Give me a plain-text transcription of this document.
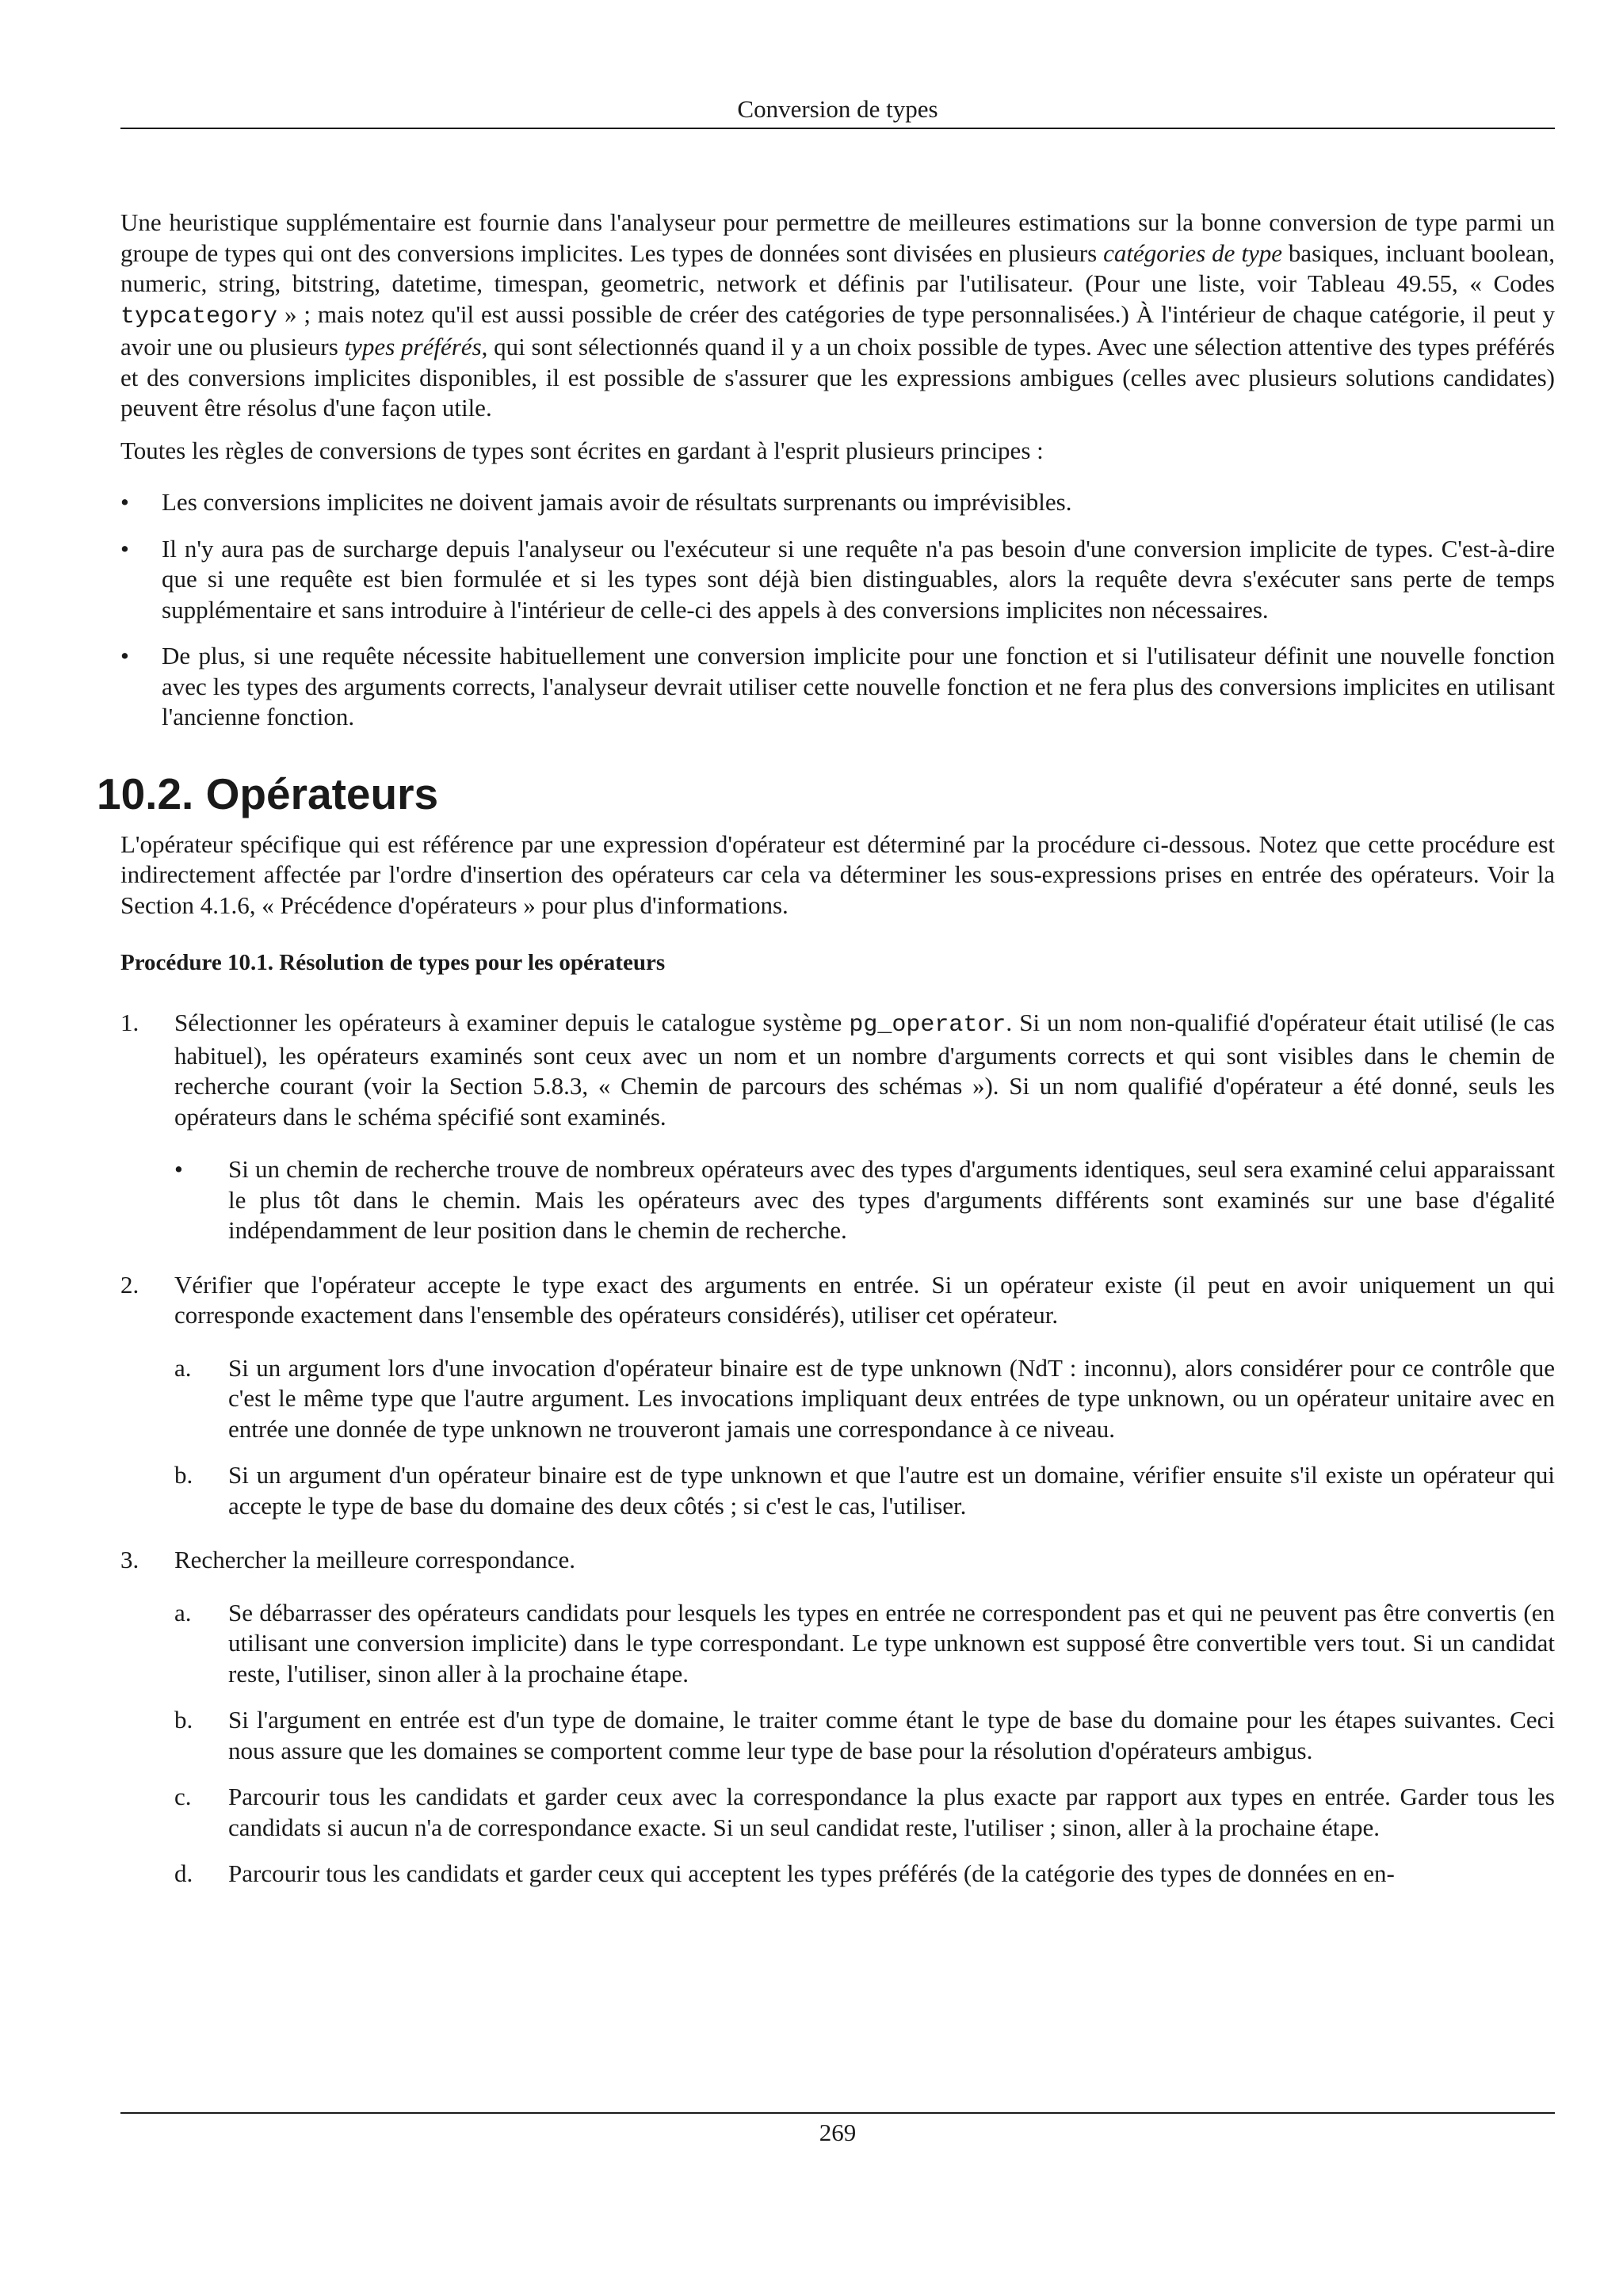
Conversion de types

Une heuristique supplémentaire est fournie dans l'analyseur pour permettre de meilleures estimations sur la bonne conversion de type parmi un groupe de types qui ont des conversions implicites. Les types de données sont divisées en plusieurs catégories de type basiques, incluant boolean, numeric, string, bitstring, datetime, timespan, geometric, network et définis par l'utilisateur. (Pour une liste, voir Tableau 49.55, « Codes typcategory » ; mais notez qu'il est aussi possible de créer des catégories de type personnalisées.) À l'intérieur de chaque catégorie, il peut y avoir une ou plusieurs types préférés, qui sont sélectionnés quand il y a un choix possible de types. Avec une sélection attentive des types préférés et des conversions implicites disponibles, il est possible de s'assurer que les expressions ambigues (celles avec plusieurs solutions candidates) peuvent être résolus d'une façon utile.

Toutes les règles de conversions de types sont écrites en gardant à l'esprit plusieurs principes :

• Les conversions implicites ne doivent jamais avoir de résultats surprenants ou imprévisibles.

• Il n'y aura pas de surcharge depuis l'analyseur ou l'exécuteur si une requête n'a pas besoin d'une conversion implicite de types. C'est-à-dire que si une requête est bien formulée et si les types sont déjà bien distinguables, alors la requête devra s'exécuter sans perte de temps supplémentaire et sans introduire à l'intérieur de celle-ci des appels à des conversions implicites non nécessaires.

• De plus, si une requête nécessite habituellement une conversion implicite pour une fonction et si l'utilisateur définit une nouvelle fonction avec les types des arguments corrects, l'analyseur devrait utiliser cette nouvelle fonction et ne fera plus des conversions implicites en utilisant l'ancienne fonction.

10.2. Opérateurs

L'opérateur spécifique qui est référence par une expression d'opérateur est déterminé par la procédure ci-dessous. Notez que cette procédure est indirectement affectée par l'ordre d'insertion des opérateurs car cela va déterminer les sous-expressions prises en entrée des opérateurs. Voir la Section 4.1.6, « Précédence d'opérateurs » pour plus d'informations.

Procédure 10.1. Résolution de types pour les opérateurs
1. Sélectionner les opérateurs à examiner depuis le catalogue système pg_operator. Si un nom non-qualifié d'opérateur était utilisé (le cas habituel), les opérateurs examinés sont ceux avec un nom et un nombre d'arguments corrects et qui sont visibles dans le chemin de recherche courant (voir la Section 5.8.3, « Chemin de parcours des schémas »). Si un nom qualifié d'opérateur a été donné, seuls les opérateurs dans le schéma spécifié sont examinés.

• Si un chemin de recherche trouve de nombreux opérateurs avec des types d'arguments identiques, seul sera examiné celui apparaissant le plus tôt dans le chemin. Mais les opérateurs avec des types d'arguments différents sont examinés sur une base d'égalité indépendamment de leur position dans le chemin de recherche.

2. Vérifier que l'opérateur accepte le type exact des arguments en entrée. Si un opérateur existe (il peut en avoir uniquement un qui corresponde exactement dans l'ensemble des opérateurs considérés), utiliser cet opérateur.

a. Si un argument lors d'une invocation d'opérateur binaire est de type unknown (NdT : inconnu), alors considérer pour ce contrôle que c'est le même type que l'autre argument. Les invocations impliquant deux entrées de type unknown, ou un opérateur unitaire avec en entrée une donnée de type unknown ne trouveront jamais une correspondance à ce niveau.

b. Si un argument d'un opérateur binaire est de type unknown et que l'autre est un domaine, vérifier ensuite s'il existe un opérateur qui accepte le type de base du domaine des deux côtés ; si c'est le cas, l'utiliser.

3. Rechercher la meilleure correspondance.

a. Se débarrasser des opérateurs candidats pour lesquels les types en entrée ne correspondent pas et qui ne peuvent pas être convertis (en utilisant une conversion implicite) dans le type correspondant. Le type unknown est supposé être convertible vers tout. Si un candidat reste, l'utiliser, sinon aller à la prochaine étape.

b. Si l'argument en entrée est d'un type de domaine, le traiter comme étant le type de base du domaine pour les étapes suivantes. Ceci nous assure que les domaines se comportent comme leur type de base pour la résolution d'opérateurs ambigus.

c. Parcourir tous les candidats et garder ceux avec la correspondance la plus exacte par rapport aux types en entrée. Garder tous les candidats si aucun n'a de correspondance exacte. Si un seul candidat reste, l'utiliser ; sinon, aller à la prochaine étape.

d. Parcourir tous les candidats et garder ceux qui acceptent les types préférés (de la catégorie des types de données en en-

269
